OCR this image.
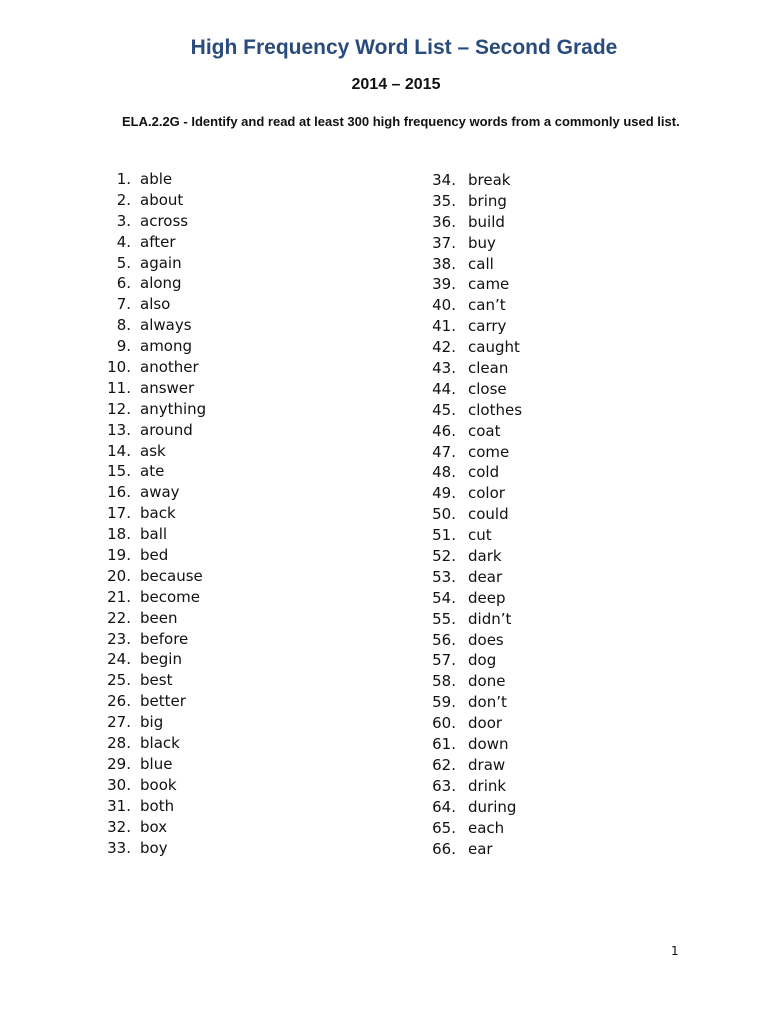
High Frequency Word List – Second Grade
2014 – 2015

ELA.2.2G - Identify and read at least 300 high frequency words from a commonly used list.

1. able
2. about
3. across
4. after
5. again
6. along
7. also
8. always
9. among
10. another
11. answer
12. anything
13. around
14. ask
15. ate
16. away
17. back
18. ball
19. bed
20. because
21. become
22. been
23. before
24. begin
25. best
26. better
27. big
28. black
29. blue
30. book
31. both
32. box
33. boy
34. break
35. bring
36. build
37. buy
38. call
39. came
40. can’t
41. carry
42. caught
43. clean
44. close
45. clothes
46. coat
47. come
48. cold
49. color
50. could
51. cut
52. dark
53. dear
54. deep
55. didn’t
56. does
57. dog
58. done
59. don’t
60. door
61. down
62. draw
63. drink
64. during
65. each
66. ear

1
